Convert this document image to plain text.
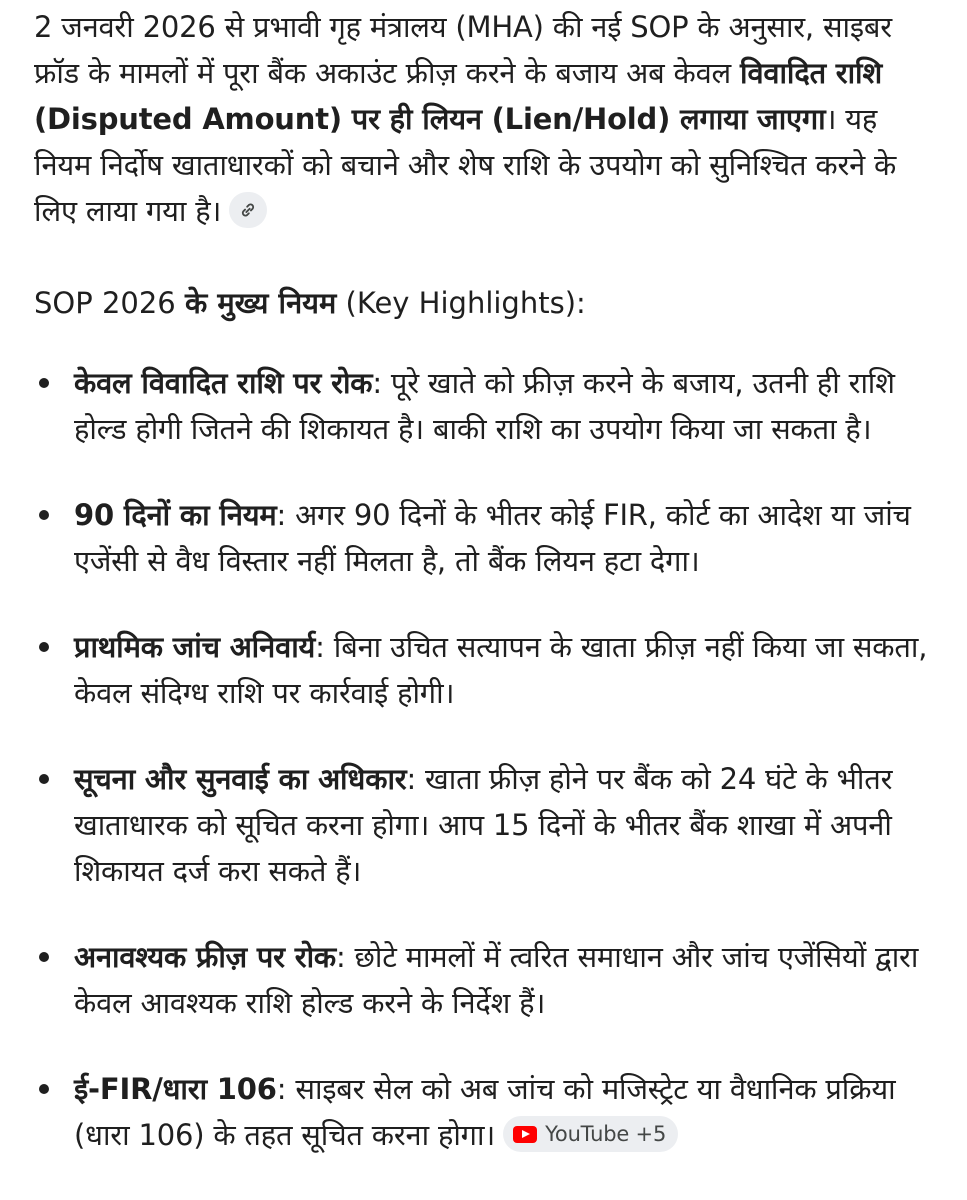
2 जनवरी 2026 से प्रभावी गृह मंत्रालय (MHA) की नई SOP के अनुसार, साइबर फ्रॉड के मामलों में पूरा बैंक अकाउंट फ्रीज़ करने के बजाय अब केवल विवादित राशि (Disputed Amount) पर ही लियन (Lien/Hold) लगाया जाएगा। यह नियम निर्दोष खाताधारकों को बचाने और शेष राशि के उपयोग को सुनिश्चित करने के लिए लाया गया है।

SOP 2026 के मुख्य नियम (Key Highlights):
केवल विवादित राशि पर रोक: पूरे खाते को फ्रीज़ करने के बजाय, उतनी ही राशि होल्ड होगी जितने की शिकायत है। बाकी राशि का उपयोग किया जा सकता है।
90 दिनों का नियम: अगर 90 दिनों के भीतर कोई FIR, कोर्ट का आदेश या जांच एजेंसी से वैध विस्तार नहीं मिलता है, तो बैंक लियन हटा देगा।
प्राथमिक जांच अनिवार्य: बिना उचित सत्यापन के खाता फ्रीज़ नहीं किया जा सकता, केवल संदिग्ध राशि पर कार्रवाई होगी।
सूचना और सुनवाई का अधिकार: खाता फ्रीज़ होने पर बैंक को 24 घंटे के भीतर खाताधारक को सूचित करना होगा। आप 15 दिनों के भीतर बैंक शाखा में अपनी शिकायत दर्ज करा सकते हैं।
अनावश्यक फ्रीज़ पर रोक: छोटे मामलों में त्वरित समाधान और जांच एजेंसियों द्वारा केवल आवश्यक राशि होल्ड करने के निर्देश हैं।
ई-FIR/धारा 106: साइबर सेल को अब जांच को मजिस्ट्रेट या वैधानिक प्रक्रिया (धारा 106) के तहत सूचित करना होगा। YouTube +5
